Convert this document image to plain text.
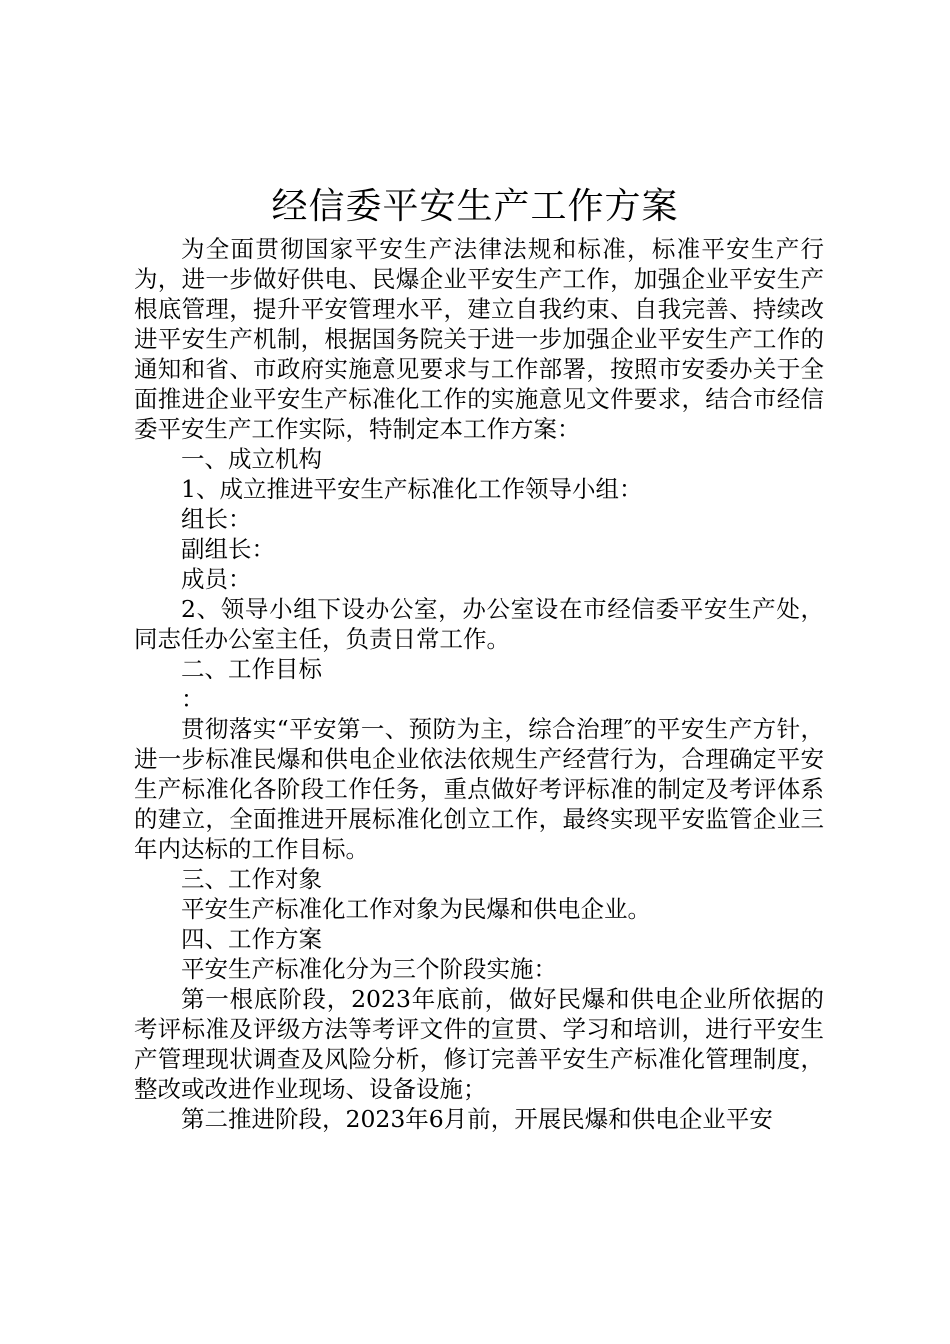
经信委平安生产工作方案

为全面贯彻国家平安生产法律法规和标准，标准平安生产行为，进一步做好供电、民爆企业平安生产工作，加强企业平安生产根底管理，提升平安管理水平，建立自我约束、自我完善、持续改进平安生产机制，根据国务院关于进一步加强企业平安生产工作的通知和省、市政府实施意见要求与工作部署，按照市安委办关于全面推进企业平安生产标准化工作的实施意见文件要求，结合市经信委平安生产工作实际，特制定本工作方案：

一、成立机构

1、成立推进平安生产标准化工作领导小组：

组长：

副组长：

成员：

2、领导小组下设办公室，办公室设在市经信委平安生产处，同志任办公室主任，负责日常工作。

二、工作目标

：

贯彻落实“平安第一、预防为主，综合治理″的平安生产方针，进一步标准民爆和供电企业依法依规生产经营行为，合理确定平安生产标准化各阶段工作任务，重点做好考评标准的制定及考评体系的建立，全面推进开展标准化创立工作，最终实现平安监管企业三年内达标的工作目标。

三、工作对象

平安生产标准化工作对象为民爆和供电企业。

四、工作方案

平安生产标准化分为三个阶段实施：

第一根底阶段，2023年底前，做好民爆和供电企业所依据的考评标准及评级方法等考评文件的宣贯、学习和培训，进行平安生产管理现状调查及风险分析，修订完善平安生产标准化管理制度，整改或改进作业现场、设备设施；

第二推进阶段，2023年6月前，开展民爆和供电企业平安
